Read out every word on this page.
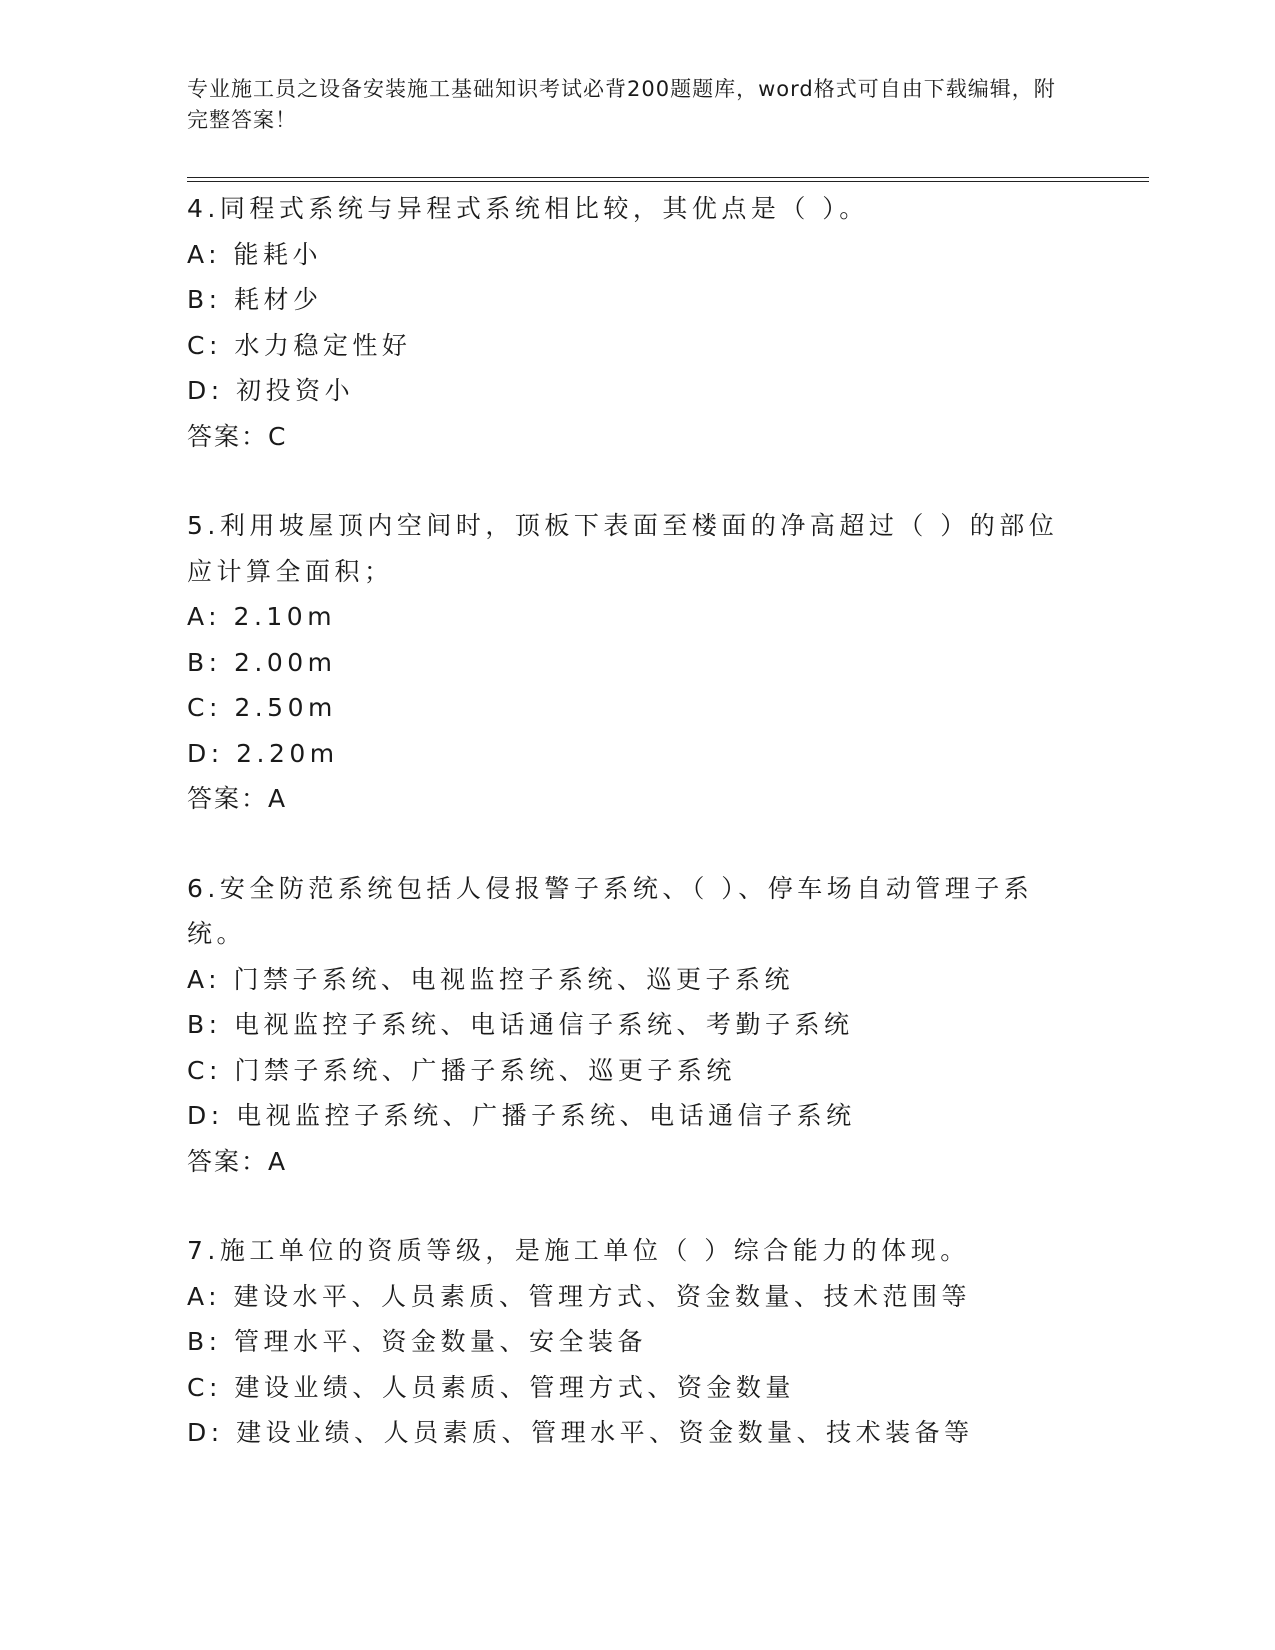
专业施工员之设备安装施工基础知识考试必背200题题库，word格式可自由下载编辑，附完整答案！
4.同程式系统与异程式系统相比较，其优点是（ ）。
A: 能耗小
B: 耗材少
C: 水力稳定性好
D: 初投资小
答案：C
5.利用坡屋顶内空间时，顶板下表面至楼面的净高超过（ ）的部位应计算全面积；
A: 2.10m
B: 2.00m
C: 2.50m
D: 2.20m
答案：A
6.安全防范系统包括人侵报警子系统、（ ）、停车场自动管理子系统。
A: 门禁子系统、电视监控子系统、巡更子系统
B: 电视监控子系统、电话通信子系统、考勤子系统
C: 门禁子系统、广播子系统、巡更子系统
D: 电视监控子系统、广播子系统、电话通信子系统
答案：A
7.施工单位的资质等级，是施工单位（ ）综合能力的体现。
A: 建设水平、人员素质、管理方式、资金数量、技术范围等
B: 管理水平、资金数量、安全装备
C: 建设业绩、人员素质、管理方式、资金数量
D: 建设业绩、人员素质、管理水平、资金数量、技术装备等
